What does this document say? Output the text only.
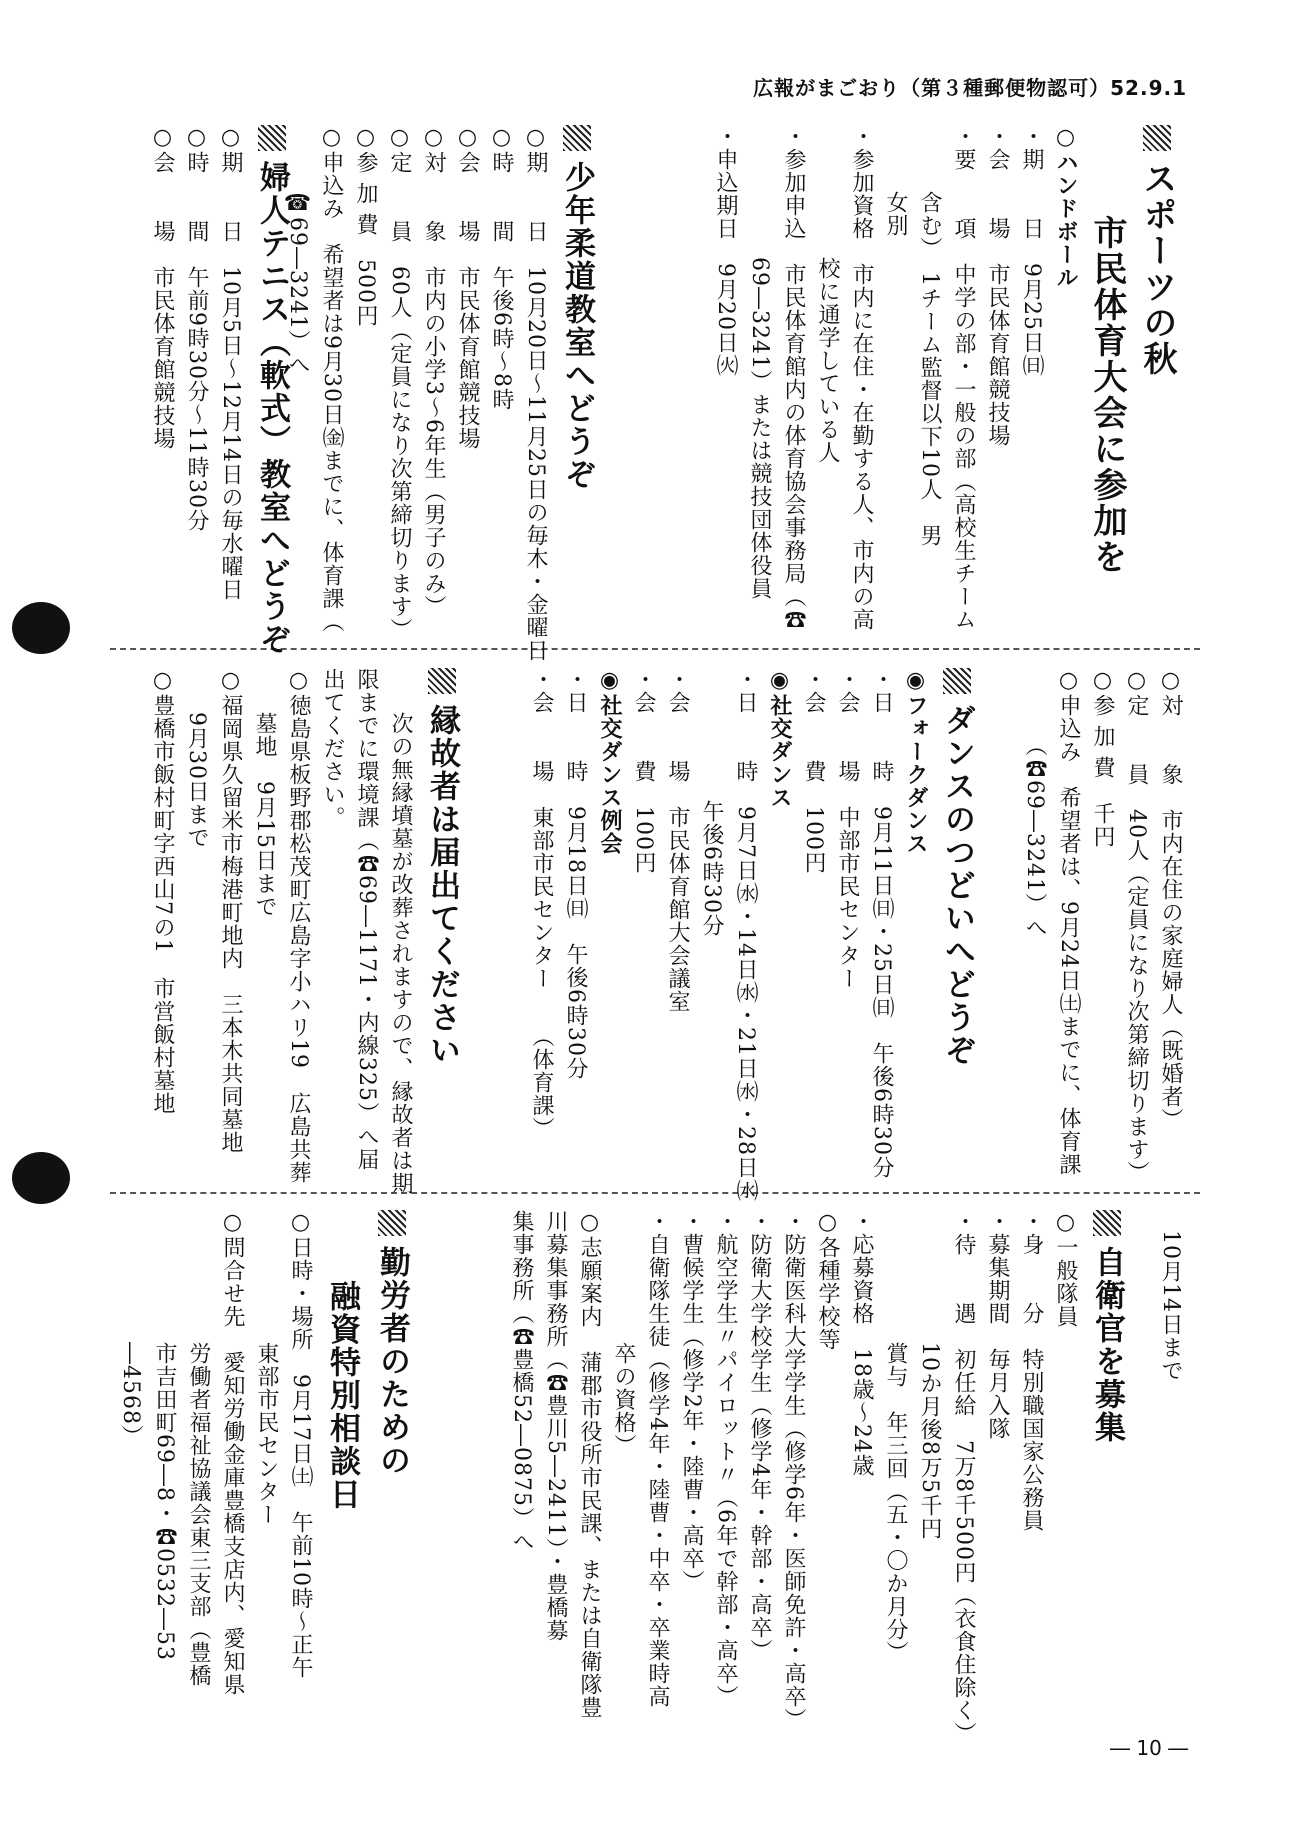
広報がまごおり（第３種郵便物認可）52.9.1
スポーツの秋
市民体育大会に参加を
○ハンドボール
・期　　日　9月25日㈰
・会　　場　市民体育館競技場
・要　　項　中学の部・一般の部（高校生チーム
含む）　1チーム監督以下10人　男
女別
・参加資格　市内に在住・在勤する人、市内の高
校に通学している人
・参加申込　市民体育館内の体育協会事務局（☎
69―3241）または競技団体役員
・申込期日　9月20日㈫
少年柔道教室へどうぞ
○期　　日　10月20日〜11月25日の毎木・金曜日
○時　　間　午後6時〜8時
○会　　場　市民体育館競技場
○対　　象　市内の小学3〜6年生（男子のみ）
○定　　員　60人（定員になり次第締切ります）
○参 加 費　500円
○申込み　希望者は9月30日㈮までに、体育課（
☎69―3241）へ
婦人テニス（軟式）教室へどうぞ
○期　　日　10月5日〜12月14日の毎水曜日
○時　　間　午前9時30分〜11時30分
○会　　場　市民体育館競技場
○対　　象　市内在住の家庭婦人（既婚者）
○定　　員　40人（定員になり次第締切ります）
○参 加 費　千円
○申込み　希望者は、9月24日㈯までに、体育課
（☎69―3241）へ
ダンスのつどいへどうぞ
◉フォークダンス
・日　　時　9月11日㈰・25日㈰　午後6時30分
・会　　場　中部市民センター
・会　　費　100円
◉社交ダンス
・日　　時　9月7日㈬・14日㈬・21日㈬・28日㈬
午後6時30分
・会　　場　市民体育館大会議室
・会　　費　100円
◉社交ダンス例会
・日　　時　9月18日㈰　午後6時30分
・会　　場　東部市民センター　　（体育課）
縁故者は届出てください
次の無縁墳墓が改葬されますので、縁故者は期
限までに環境課（☎69―1171・内線325）へ届
出てください。
○徳島県板野郡松茂町広島字小ハリ19　広島共葬
墓地　9月15日まで
○福岡県久留米市梅港町地内　三本木共同墓地
9月30日まで
○豊橋市飯村町字西山7の1　市営飯村墓地
10月14日まで
自衛官を募集
○一般隊員
・身　　分　特別職国家公務員
・募集期間　毎月入隊
・待　　遇　初任給　7万8千500円（衣食住除く）
10か月後8万5千円
賞与　年三回（五・〇か月分）
・応募資格　18歳〜24歳
○各種学校等
・防衛医科大学学生（修学6年・医師免許・高卒）
・防衛大学校学生（修学4年・幹部・高卒）
・航空学生〃パイロット〃（6年で幹部・高卒）
・曹候学生（修学2年・陸曹・高卒）
・自衛隊生徒（修学4年・陸曹・中卒・卒業時高
卒の資格）
○志願案内　蒲郡市役所市民課、または自衛隊豊
川募集事務所（☎豊川5―2411）・豊橋募
集事務所（☎豊橋52―0875）へ
勤労者のための
融資特別相談日
○日時・場所　9月17日㈯　午前10時〜正午
東部市民センター
○問合せ先　愛知労働金庫豊橋支店内、愛知県
労働者福祉協議会東三支部（豊橋
市吉田町69―8・☎0532―53
―4568）
― 10 ―
